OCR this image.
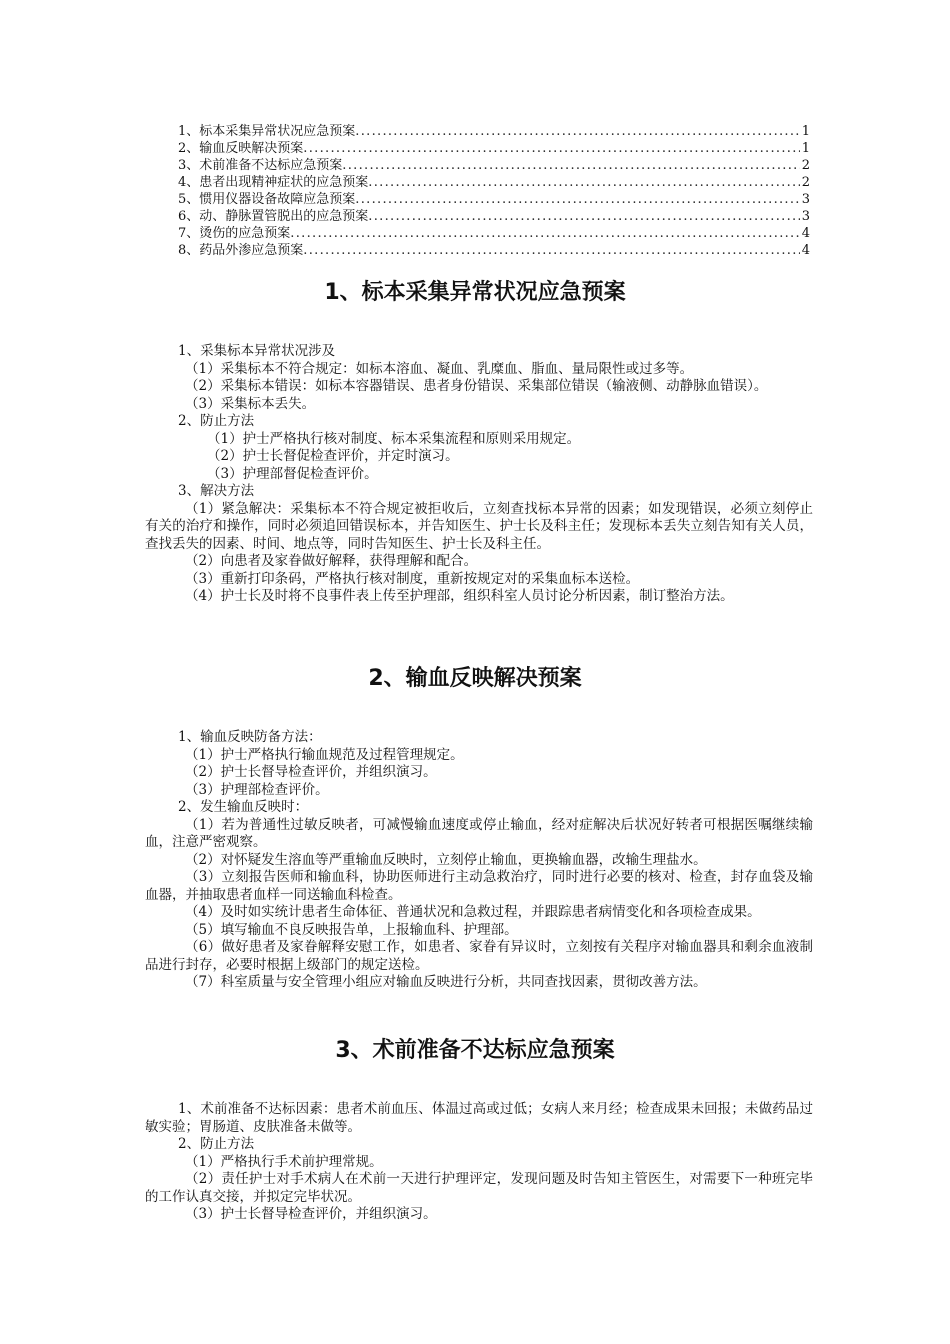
1、标本采集异常状况应急预案 .....	1
2、输血反映解决预案 .....	1
3、术前准备不达标应急预案 .....	2
4、患者出现精神症状的应急预案 .....	2
5、惯用仪器设备故障应急预案 .....	3
6、动、静脉置管脱出的应急预案 .....	3
7、烫伤的应急预案 .....	4
8、药品外渗应急预案 .....	4
1、标本采集异常状况应急预案

1、采集标本异常状况涉及

（1）采集标本不符合规定：如标本溶血、凝血、乳糜血、脂血、量局限性或过多等。

（2）采集标本错误：如标本容器错误、患者身份错误、采集部位错误（输液侧、动静脉血错误）。

（3）采集标本丢失。

2、防止方法

（1）护士严格执行核对制度、标本采集流程和原则采用规定。

（2）护士长督促检查评价，并定时演习。

（3）护理部督促检查评价。

3、解决方法

（1）紧急解决：采集标本不符合规定被拒收后，立刻查找标本异常的因素；如发现错误，必须立刻停止有关的治疗和操作，同时必须追回错误标本，并告知医生、护士长及科主任；发现标本丢失立刻告知有关人员，查找丢失的因素、时间、地点等，同时告知医生、护士长及科主任。

（2）向患者及家眷做好解释，获得理解和配合。

（3）重新打印条码，严格执行核对制度，重新按规定对的采集血标本送检。

（4）护士长及时将不良事件表上传至护理部，组织科室人员讨论分析因素，制订整治方法。

2、输血反映解决预案

1、输血反映防备方法：

（1）护士严格执行输血规范及过程管理规定。

（2）护士长督导检查评价，并组织演习。

（3）护理部检查评价。

2、发生输血反映时：

（1）若为普通性过敏反映者，可减慢输血速度或停止输血，经对症解决后状况好转者可根据医嘱继续输血，注意严密观察。

（2）对怀疑发生溶血等严重输血反映时，立刻停止输血，更换输血器，改输生理盐水。

（3）立刻报告医师和输血科，协助医师进行主动急救治疗，同时进行必要的核对、检查，封存血袋及输血器，并抽取患者血样一同送输血科检查。

（4）及时如实统计患者生命体征、普通状况和急救过程，并跟踪患者病情变化和各项检查成果。

（5）填写输血不良反映报告单，上报输血科、护理部。

（6）做好患者及家眷解释安慰工作，如患者、家眷有异议时，立刻按有关程序对输血器具和剩余血液制品进行封存，必要时根据上级部门的规定送检。

（7）科室质量与安全管理小组应对输血反映进行分析，共同查找因素，贯彻改善方法。

3、术前准备不达标应急预案

1、术前准备不达标因素：患者术前血压、体温过高或过低；女病人来月经；检查成果未回报；未做药品过敏实验；胃肠道、皮肤准备未做等。

2、防止方法

（1）严格执行手术前护理常规。

（2）责任护士对手术病人在术前一天进行护理评定，发现问题及时告知主管医生，对需要下一种班完毕的工作认真交接，并拟定完毕状况。

（3）护士长督导检查评价，并组织演习。
